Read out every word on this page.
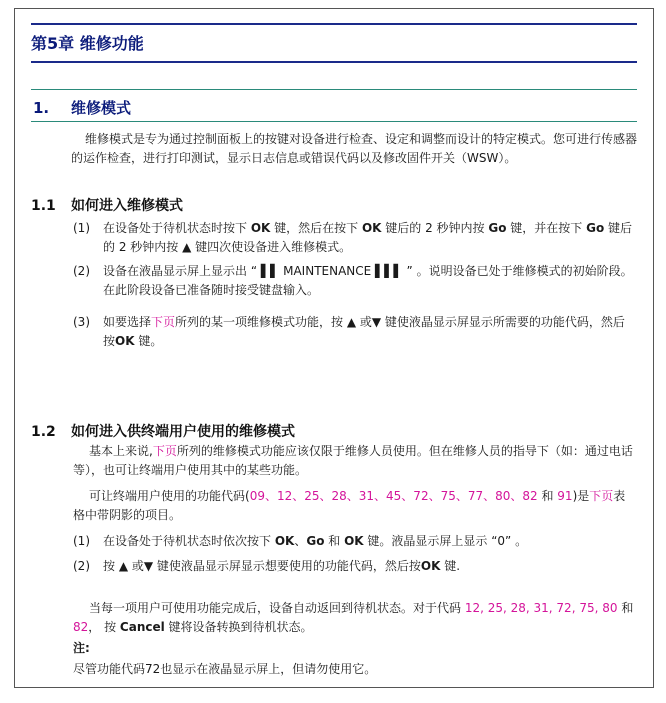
第5章 维修功能
1. 维修模式
维修模式是专为通过控制面板上的按键对设备进行检查、设定和调整而设计的特定模式。您可进行传感器的运作检查，进行打印测试，显示日志信息或错误代码以及修改固件开关（WSW）。
1.1 如何进入维修模式
(1) 在设备处于待机状态时按下 OK 键，然后在按下 OK 键后的 2 秒钟内按 Go 键，并在按下 Go 键后的 2 秒钟内按 ▲ 键四次使设备进入维修模式。
(2) 设备在液晶显示屏上显示出 “ ▌▌ MAINTENANCE ▌▌▌ ” 。说明设备已处于维修模式的初始阶段。在此阶段设备已准备随时接受键盘输入。
(3) 如要选择下页所列的某一项维修模式功能，按 ▲ 或▼ 键使液晶显示屏显示所需要的功能代码，然后按OK 键。
1.2 如何进入供终端用户使用的维修模式
基本上来说,下页所列的维修模式功能应该仅限于维修人员使用。但在维修人员的指导下（如：通过电话等），也可让终端用户使用其中的某些功能。
可让终端用户使用的功能代码(09、12、25、28、31、45、72、75、77、80、82 和 91)是下页表格中带阴影的项目。
(1) 在设备处于待机状态时依次按下 OK、Go 和 OK 键。液晶显示屏上显示 “0” 。
(2) 按 ▲ 或▼ 键使液晶显示屏显示想要使用的功能代码，然后按OK 键.
当每一项用户可使用功能完成后，设备自动返回到待机状态。对于代码 12, 25, 28, 31, 72, 75, 80 和 82， 按 Cancel 键将设备转换到待机状态。
注:
尽管功能代码72也显示在液晶显示屏上，但请勿使用它。
